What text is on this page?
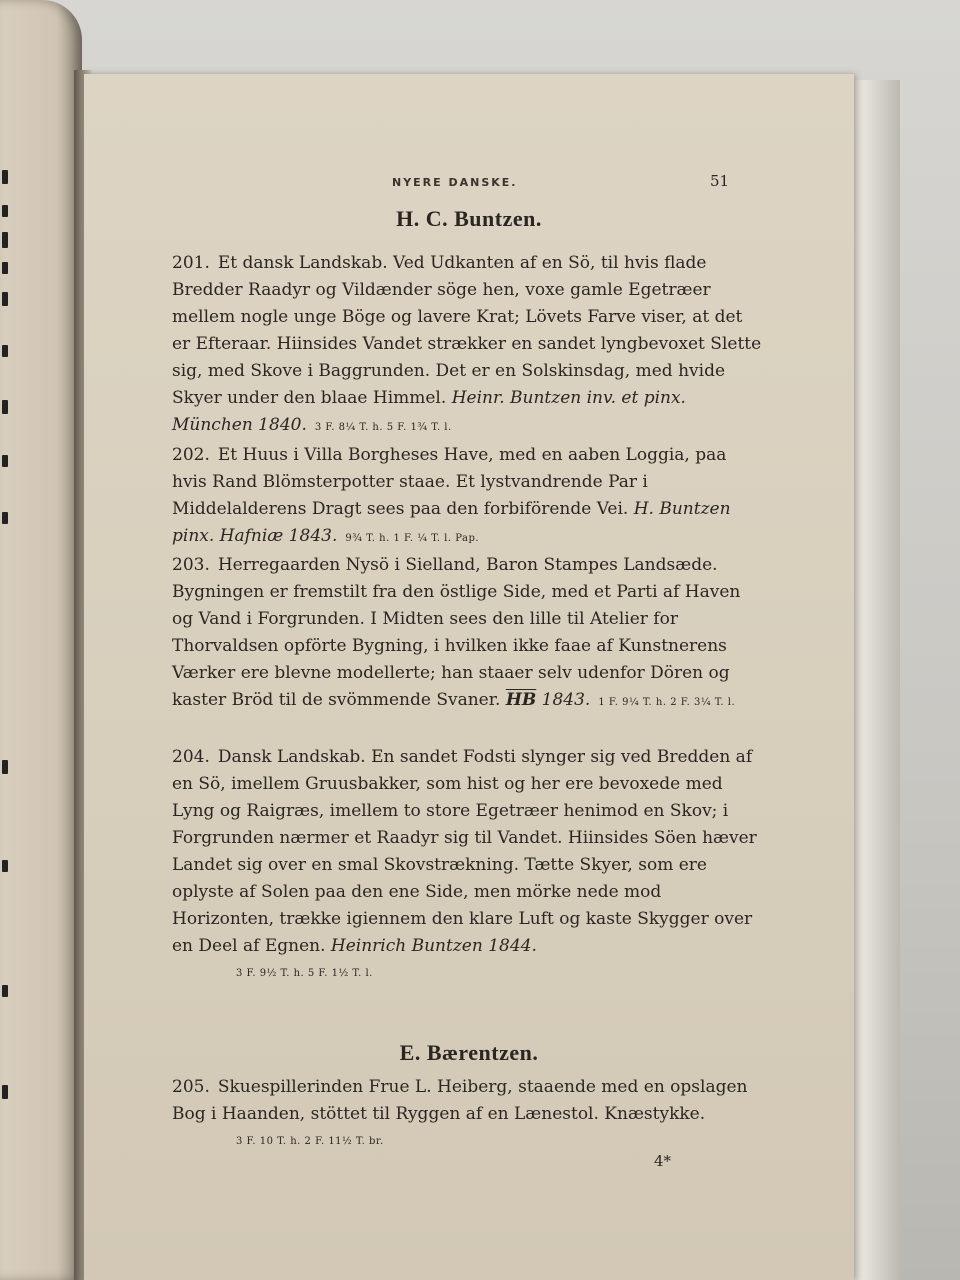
NYERE DANSKE.	51
H. C. Buntzen.
201. Et dansk Landskab. Ved Udkanten af en Sö, til hvis flade Bredder Raadyr og Vildænder söge hen, voxe gamle Egetræer mellem nogle unge Böge og lavere Krat; Lövets Farve viser, at det er Efteraar. Hiinsides Vandet strækker en sandet lyngbevoxet Slette sig, med Skove i Baggrunden. Det er en Solskinsdag, med hvide Skyer under den blaae Himmel. Heinr. Buntzen inv. et pinx. München 1840. 3 F. 8¼ T. h. 5 F. 1¾ T. l.
202. Et Huus i Villa Borgheses Have, med en aaben Loggia, paa hvis Rand Blömsterpotter staae. Et lystvandrende Par i Middelalderens Dragt sees paa den forbiförende Vei. H. Buntzen pinx. Hafniæ 1843. 9¾ T. h. 1 F. ¼ T. l. Pap.
203. Herregaarden Nysö i Sielland, Baron Stampes Landsæde. Bygningen er fremstilt fra den östlige Side, med et Parti af Haven og Vand i Forgrunden. I Midten sees den lille til Atelier for Thorvaldsen opförte Bygning, i hvilken ikke faae af Kunstnerens Værker ere blevne modellerte; han staaer selv udenfor Dören og kaster Bröd til de svömmende Svaner. $\overline{HB}$ 1843. 1 F. 9¼ T. h. 2 F. 3¼ T. l.
204. Dansk Landskab. En sandet Fodsti slynger sig ved Bredden af en Sö, imellem Gruusbakker, som hist og her ere bevoxede med Lyng og Raigræs, imellem to store Egetræer henimod en Skov; i Forgrunden nærmer et Raadyr sig til Vandet. Hiinsides Söen hæver Landet sig over en smal Skovstrækning. Tætte Skyer, som ere oplyste af Solen paa den ene Side, men mörke nede mod Horizonten, trække igiennem den klare Luft og kaste Skygger over en Deel af Egnen. Heinrich Buntzen 1844.
3 F. 9½ T. h. 5 F. 1½ T. l.
E. Bærentzen.
205. Skuespillerinden Frue L. Heiberg, staaende med en opslagen Bog i Haanden, stöttet til Ryggen af en Lænestol. Knæstykke.
3 F. 10 T. h. 2 F. 11½ T. br.
4*
